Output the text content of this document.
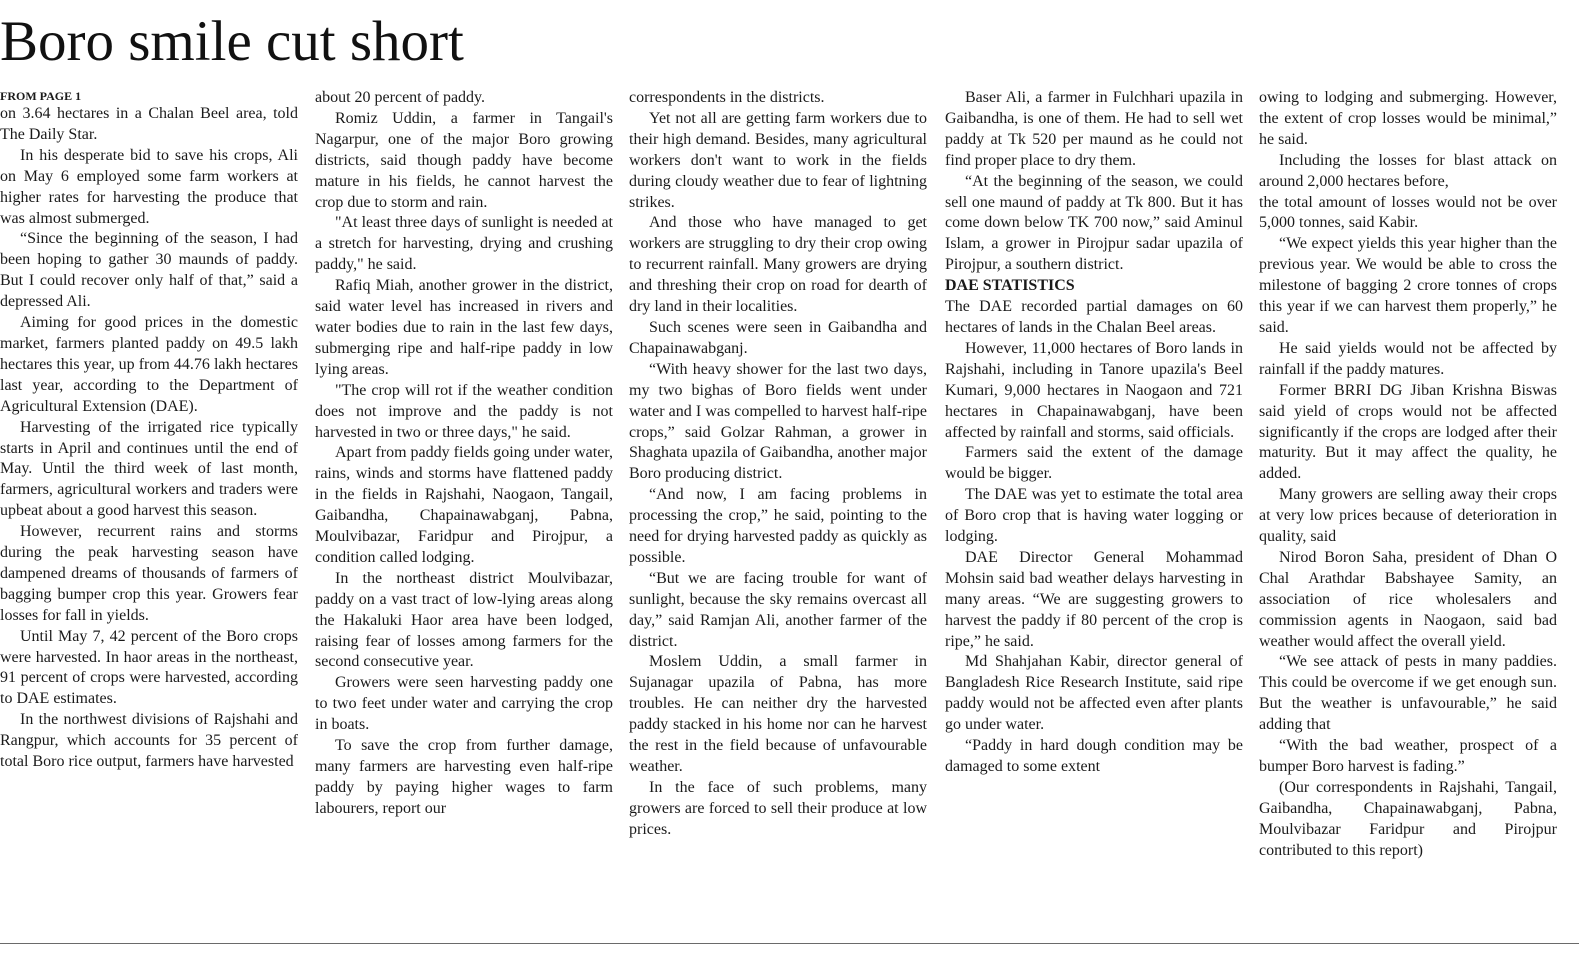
Boro smile cut short
FROM PAGE 1

on 3.64 hectares in a Chalan Beel area, told The Daily Star.

In his desperate bid to save his crops, Ali on May 6 employed some farm workers at higher rates for harvesting the produce that was almost submerged.

“Since the beginning of the season, I had been hoping to gather 30 maunds of paddy. But I could recover only half of that,” said a depressed Ali.

Aiming for good prices in the domestic market, farmers planted paddy on 49.5 lakh hectares this year, up from 44.76 lakh hectares last year, according to the Department of Agricultural Extension (DAE).

Harvesting of the irrigated rice typically starts in April and continues until the end of May. Until the third week of last month, farmers, agricultural workers and traders were upbeat about a good harvest this season.

However, recurrent rains and storms during the peak harvesting season have dampened dreams of thousands of farmers of bagging bumper crop this year. Growers fear losses for fall in yields.

Until May 7, 42 percent of the Boro crops were harvested. In haor areas in the northeast, 91 percent of crops were harvested, according to DAE estimates.

In the northwest divisions of Rajshahi and Rangpur, which accounts for 35 percent of total Boro rice output, farmers have harvested

about 20 percent of paddy.

Romiz Uddin, a farmer in Tangail's Nagarpur, one of the major Boro growing districts, said though paddy have become mature in his fields, he cannot harvest the crop due to storm and rain.

"At least three days of sunlight is needed at a stretch for harvesting, drying and crushing paddy," he said.

Rafiq Miah, another grower in the district, said water level has increased in rivers and water bodies due to rain in the last few days, submerging ripe and half-ripe paddy in low lying areas.

"The crop will rot if the weather condition does not improve and the paddy is not harvested in two or three days," he said.

Apart from paddy fields going under water, rains, winds and storms have flattened paddy in the fields in Rajshahi, Naogaon, Tangail, Gaibandha, Chapainawabganj, Pabna, Moulvibazar, Faridpur and Pirojpur, a condition called lodging.

In the northeast district Moulvibazar, paddy on a vast tract of low-lying areas along the Hakaluki Haor area have been lodged, raising fear of losses among farmers for the second consecutive year.

Growers were seen harvesting paddy one to two feet under water and carrying the crop in boats.

To save the crop from further damage, many farmers are harvesting even half-ripe paddy by paying higher wages to farm labourers, report our

correspondents in the districts.

Yet not all are getting farm workers due to their high demand. Besides, many agricultural workers don't want to work in the fields during cloudy weather due to fear of lightning strikes.

And those who have managed to get workers are struggling to dry their crop owing to recurrent rainfall. Many growers are drying and threshing their crop on road for dearth of dry land in their localities.

Such scenes were seen in Gaibandha and Chapainawabganj.

“With heavy shower for the last two days, my two bighas of Boro fields went under water and I was compelled to harvest half-ripe crops,” said Golzar Rahman, a grower in Shaghata upazila of Gaibandha, another major Boro producing district.

“And now, I am facing problems in processing the crop,” he said, pointing to the need for drying harvested paddy as quickly as possible.

“But we are facing trouble for want of sunlight, because the sky remains overcast all day,” said Ramjan Ali, another farmer of the district.

Moslem Uddin, a small farmer in Sujanagar upazila of Pabna, has more troubles. He can neither dry the harvested paddy stacked in his home nor can he harvest the rest in the field because of unfavourable weather.

In the face of such problems, many growers are forced to sell their produce at low prices.

Baser Ali, a farmer in Fulchhari upazila in Gaibandha, is one of them. He had to sell wet paddy at Tk 520 per maund as he could not find proper place to dry them.

“At the beginning of the season, we could sell one maund of paddy at Tk 800. But it has come down below TK 700 now,” said Aminul Islam, a grower in Pirojpur sadar upazila of Pirojpur, a southern district.

DAE STATISTICS

The DAE recorded partial damages on 60 hectares of lands in the Chalan Beel areas.

However, 11,000 hectares of Boro lands in Rajshahi, including in Tanore upazila's Beel Kumari, 9,000 hectares in Naogaon and 721 hectares in Chapainawabganj, have been affected by rainfall and storms, said officials.

Farmers said the extent of the damage would be bigger.

The DAE was yet to estimate the total area of Boro crop that is having water logging or lodging.

DAE Director General Mohammad Mohsin said bad weather delays harvesting in many areas. “We are suggesting growers to harvest the paddy if 80 percent of the crop is ripe,” he said.

Md Shahjahan Kabir, director general of Bangladesh Rice Research Institute, said ripe paddy would not be affected even after plants go under water.

“Paddy in hard dough condition may be damaged to some extent

owing to lodging and submerging. However, the extent of crop losses would be minimal,” he said.

Including the losses for blast attack on around 2,000 hectares before,

the total amount of losses would not be over 5,000 tonnes, said Kabir.

“We expect yields this year higher than the previous year. We would be able to cross the milestone of bagging 2 crore tonnes of crops this year if we can harvest them properly,” he said.

He said yields would not be affected by rainfall if the paddy matures.

Former BRRI DG Jiban Krishna Biswas said yield of crops would not be affected significantly if the crops are lodged after their maturity. But it may affect the quality, he added.

Many growers are selling away their crops at very low prices because of deterioration in quality, said

Nirod Boron Saha, president of Dhan O Chal Arathdar Babshayee Samity, an association of rice wholesalers and commission agents in Naogaon, said bad weather would affect the overall yield.

“We see attack of pests in many paddies. This could be overcome if we get enough sun. But the weather is unfavourable,” he said adding that

“With the bad weather, prospect of a bumper Boro harvest is fading.”

(Our correspondents in Rajshahi, Tangail, Gaibandha, Chapainawabganj, Pabna, Moulvibazar Faridpur and Pirojpur contributed to this report)
